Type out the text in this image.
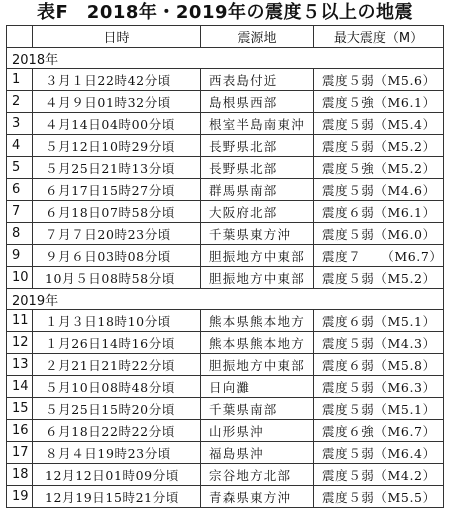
表F　2018年・2019年の震度５以上の地震
	日時	震源地	最大震度（M）
2018年			
1	３月１日22時42分頃	西表島付近	震度５弱（M5.6）
2	４月９日01時32分頃	島根県西部	震度５強（M6.1）
3	４月14日04時00分頃	根室半島南東沖	震度５弱（M5.4）
4	５月12日10時29分頃	長野県北部	震度５弱（M5.2）
5	５月25日21時13分頃	長野県北部	震度５強（M5.2）
6	６月17日15時27分頃	群馬県南部	震度５弱（M4.6）
7	６月18日07時58分頃	大阪府北部	震度６弱（M6.1）
8	７月７日20時23分頃	千葉県東方沖	震度５弱（M6.0）
9	９月６日03時08分頃	胆振地方中東部	震度７　　（M6.7）
10	10月５日08時58分頃	胆振地方中東部	震度５弱（M5.2）
2019年			
11	１月３日18時10分頃	熊本県熊本地方	震度６弱（M5.1）
12	１月26日14時16分頃	熊本県熊本地方	震度５弱（M4.3）
13	２月21日21時22分頃	胆振地方中東部	震度６弱（M5.8）
14	５月10日08時48分頃	日向灘	震度５弱（M6.3）
15	５月25日15時20分頃	千葉県南部	震度５弱（M5.1）
16	６月18日22時22分頃	山形県沖	震度６強（M6.7）
17	８月４日19時23分頃	福島県沖	震度５弱（M6.4）
18	12月12日01時09分頃	宗谷地方北部	震度５弱（M4.2）
19	12月19日15時21分頃	青森県東方沖	震度５弱（M5.5）
